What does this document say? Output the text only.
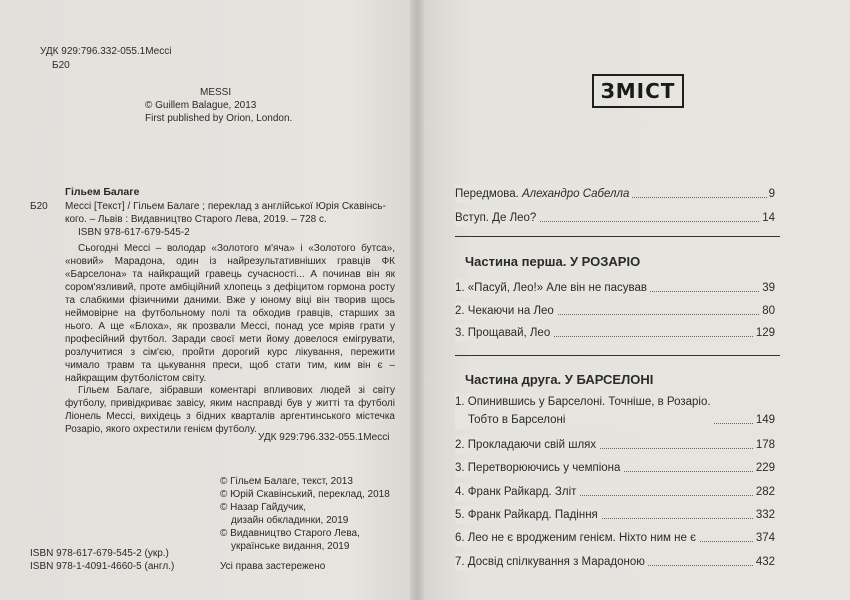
УДК 929:796.332-055.1Мессі
Б20
MESSI
© Guillem Balague, 2013
First published by Orion, London.
Гільем Балаге
Б20 Мессі [Текст] / Гільем Балаге ; переклад з англійської Юрія Скавінсь-кого. – Львів : Видавництво Старого Лева, 2019. – 728 с.
ISBN 978-617-679-545-2
Сьогодні Мессі – володар «Золотого м'яча» і «Золотого бутса», «новий» Марадона, один із найрезультативніших гравців ФК «Барселона» та найкращий гравець сучасності... А починав він як сором'язливий, проте амбіційний хлопець з дефіцитом гормона росту та слабкими фізичними даними. Вже у юному віці він творив щось неймовірне на футбольному полі та обходив гравців, старших за нього. А ще «Блоха», як прозвали Мессі, понад усе мріяв грати у професійний футбол. Заради своєї мети йому довелося емігрувати, розлучитися з сім'єю, пройти дорогий курс лікування, пережити чимало травм та цькування преси, щоб стати тим, ким він є – найкращим футболістом світу.
Гільем Балаге, зібравши коментарі впливових людей зі світу футболу, привідкриває завісу, яким насправді був у житті та футболі Ліонель Мессі, вихідець з бідних кварталів аргентинського містечка Розаріо, якого охрестили генієм футболу.
УДК 929:796.332-055.1Мессі
© Гільем Балаге, текст, 2013
© Юрій Скавінський, переклад, 2018
© Назар Гайдучик,
дизайн обкладинки, 2019
© Видавництво Старого Лева,
українське видання, 2019
ISBN 978-617-679-545-2 (укр.)
ISBN 978-1-4091-4660-5 (англ.)	Усі права застережено
ЗМІСТ
Передмова. Алехандро Сабелла	9
Вступ. Де Лео?	14
Частина перша. У РОЗАРІО
1. «Пасуй, Лео!» Але він не пасував	39
2. Чекаючи на Лео	80
3. Прощавай, Лео	129
Частина друга. У БАРСЕЛОНІ
1. Опинившись у Барселоні. Точніше, в Розаріо.
Тобто в Барселоні	149
2. Прокладаючи свій шлях	178
3. Перетворюючись у чемпіона	229
4. Франк Райкард. Зліт	282
5. Франк Райкард. Падіння	332
6. Лео не є вродженим генієм. Ніхто ним не є	374
7. Досвід спілкування з Марадоною	432
